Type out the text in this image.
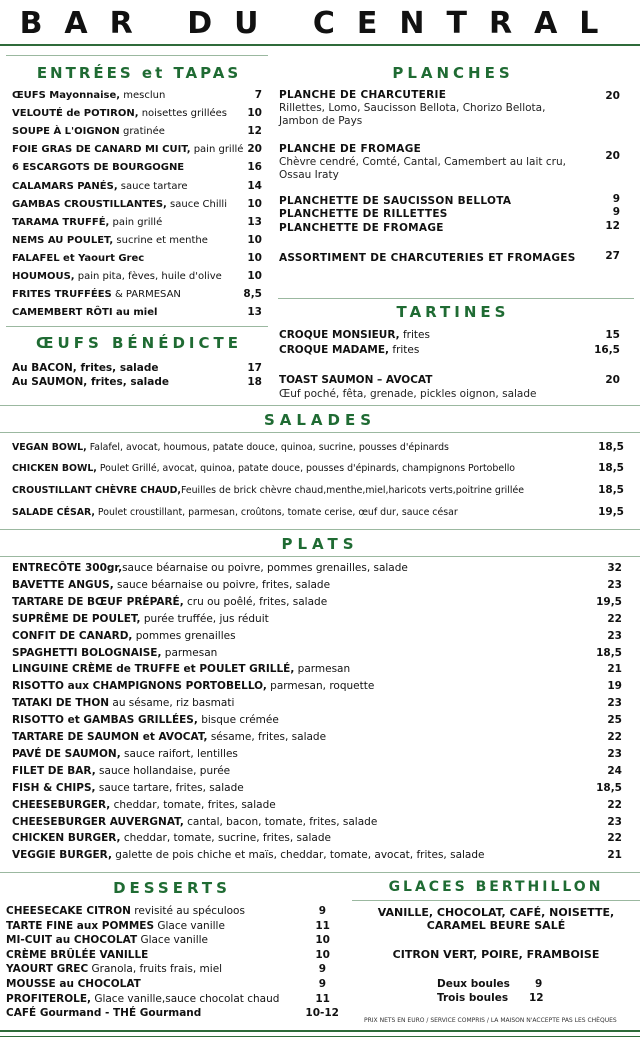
BAR DU CENTRAL
ENTRÉES et TAPAS
ŒUFS Mayonnaise, mesclun	7
VELOUTÉ de POTIRON, noisettes grillées 10
SOUPE À L'OIGNON gratinée	12
FOIE GRAS DE CANARD MI CUIT, pain grillé 20
6 ESCARGOTS DE BOURGOGNE	16
CALAMARS PANÉS, sauce tartare	14
GAMBAS CROUSTILLANTES, sauce Chilli 10
TARAMA TRUFFÉ, pain grillé	13
NEMS AU POULET, sucrine et menthe	10
FALAFEL et Yaourt Grec	10
HOUMOUS, pain pita, fèves, huile d'olive 10
FRITES TRUFFÉES & PARMESAN	8,5
CAMEMBERT RÔTI au miel	13
ŒUFS BÉNÉDICTE
Au BACON, frites, salade	17
Au SAUMON, frites, salade	18
PLANCHES
PLANCHE DE CHARCUTERIE	20
Rillettes, Lomo, Saucisson Bellota, Chorizo Bellota,
Jambon de Pays
PLANCHE DE FROMAGE
20
Chèvre cendré, Comté, Cantal, Camembert au lait cru,
Ossau Iraty
PLANCHETTE DE SAUCISSON BELLOTA	9
PLANCHETTE DE RILLETTES	9
PLANCHETTE DE FROMAGE	12
ASSORTIMENT DE CHARCUTERIES ET FROMAGES	27
TARTINES
CROQUE MONSIEUR, frites	15
CROQUE MADAME, frites	16,5
TOAST SAUMON – AVOCAT	20
Œuf poché, fêta, grenade, pickles oignon, salade
SALADES
VEGAN BOWL, Falafel, avocat, houmous, patate douce, quinoa, sucrine, pousses d'épinards	18,5
CHICKEN BOWL, Poulet Grillé, avocat, quinoa, patate douce, pousses d'épinards, champignons Portobello	18,5
CROUSTILLANT CHÈVRE CHAUD,Feuilles de brick chèvre chaud,menthe,miel,haricots verts,poitrine grillée	18,5
SALADE CÉSAR, Poulet croustillant, parmesan, croûtons, tomate cerise, œuf dur, sauce césar	19,5
PLATS
ENTRECÔTE 300gr,sauce béarnaise ou poivre, pommes grenailles, salade	32
BAVETTE ANGUS, sauce béarnaise ou poivre, frites, salade	23
TARTARE DE BŒUF PRÉPARÉ, cru ou poêlé, frites, salade	19,5
SUPRÊME DE POULET, purée truffée, jus réduit	22
CONFIT DE CANARD, pommes grenailles	23
SPAGHETTI BOLOGNAISE, parmesan	18,5
LINGUINE CRÈME de TRUFFE et POULET GRILLÉ, parmesan	21
RISOTTO aux CHAMPIGNONS PORTOBELLO, parmesan, roquette	19
TATAKI DE THON au sésame, riz basmati	23
RISOTTO et GAMBAS GRILLÉES, bisque crémée	25
TARTARE DE SAUMON et AVOCAT, sésame, frites, salade	22
PAVÉ DE SAUMON, sauce raifort, lentilles	23
FILET DE BAR, sauce hollandaise, purée	24
FISH & CHIPS, sauce tartare, frites, salade	18,5
CHEESEBURGER, cheddar, tomate, frites, salade	22
CHEESEBURGER AUVERGNAT, cantal, bacon, tomate, frites, salade	23
CHICKEN BURGER, cheddar, tomate, sucrine, frites, salade	22
VEGGIE BURGER, galette de pois chiche et maïs, cheddar, tomate, avocat, frites, salade	21
DESSERTS
CHEESECAKE CITRON revisité au spéculoos	9
TARTE FINE aux POMMES Glace vanille	11
MI-CUIT au CHOCOLAT Glace vanille	10
CRÈME BRÛLÉE VANILLE	10
YAOURT GREC Granola, fruits frais, miel	9
MOUSSE au CHOCOLAT	9
PROFITEROLE, Glace vanille,sauce chocolat chaud	11
CAFÉ Gourmand - THÉ Gourmand	10-12
GLACES BERTHILLON
VANILLE, CHOCOLAT, CAFÉ, NOISETTE,
CARAMEL BEURE SALÉ
CITRON VERT, POIRE, FRAMBOISE
Deux boules 9
Trois boules 12
PRIX NETS EN EURO / SERVICE COMPRIS / LA MAISON N'ACCEPTE PAS LES CHÈQUES
